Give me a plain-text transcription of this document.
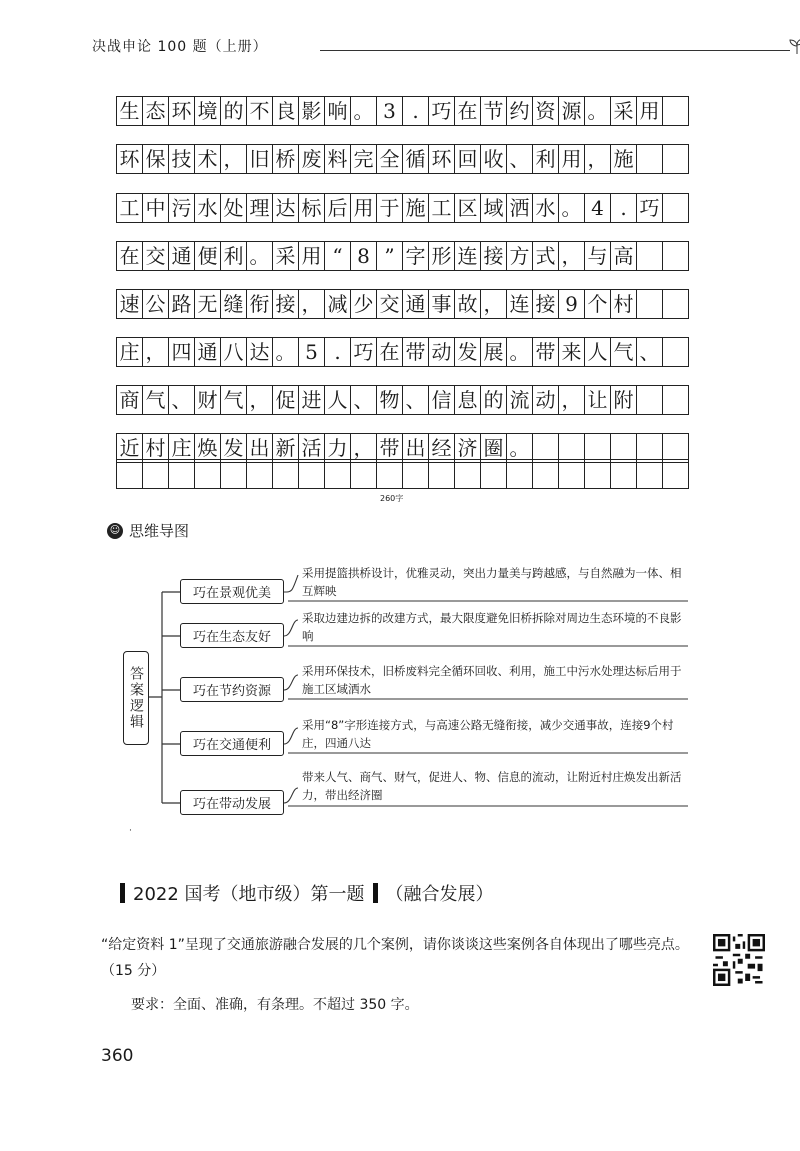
决战申论 100 题（上册）
生 态 环 境 的 不 良 影 响 。 3 . 巧 在 节 约 资 源 。 采 用
环 保 技 术 ， 旧 桥 废 料 完 全 循 环 回 收 、 利 用 ， 施
工 中 污 水 处 理 达 标 后 用 于 施 工 区 域 洒 水 。 4 . 巧
在 交 通 便 利 。 采 用 “ 8 ” 字 形 连 接 方 式 ， 与 高
速 公 路 无 缝 衔 接 ， 减 少 交 通 事 故 ， 连 接 9 个 村
庄 ， 四 通 八 达 。 5 . 巧 在 带 动 发 展 。 带 来 人 气 、
商 气 、 财 气 ， 促 进 人 、 物 、 信 息 的 流 动 ， 让 附
近 村 庄 焕 发 出 新 活 力 ， 带 出 经 济 圈 。
260字
☺ 思维导图
答案逻辑
巧在景观优美
巧在生态友好
巧在节约资源
巧在交通便利
巧在带动发展
采用提篮拱桥设计，优雅灵动，突出力量美与跨越感，与自然融为一体、相互辉映
采取边建边拆的改建方式，最大限度避免旧桥拆除对周边生态环境的不良影响
采用环保技术，旧桥废料完全循环回收、利用，施工中污水处理达标后用于施工区域洒水
采用“8”字形连接方式，与高速公路无缝衔接，减少交通事故，连接9个村庄，四通八达
带来人气、商气、财气，促进人、物、信息的流动，让附近村庄焕发出新活力，带出经济圈
·
2022 国考（地市级）第一题 （融合发展）
“给定资料 1”呈现了交通旅游融合发展的几个案例，请你谈谈这些案例各自体现出了哪些亮点。（15 分）
要求：全面、准确，有条理。不超过 350 字。
360
